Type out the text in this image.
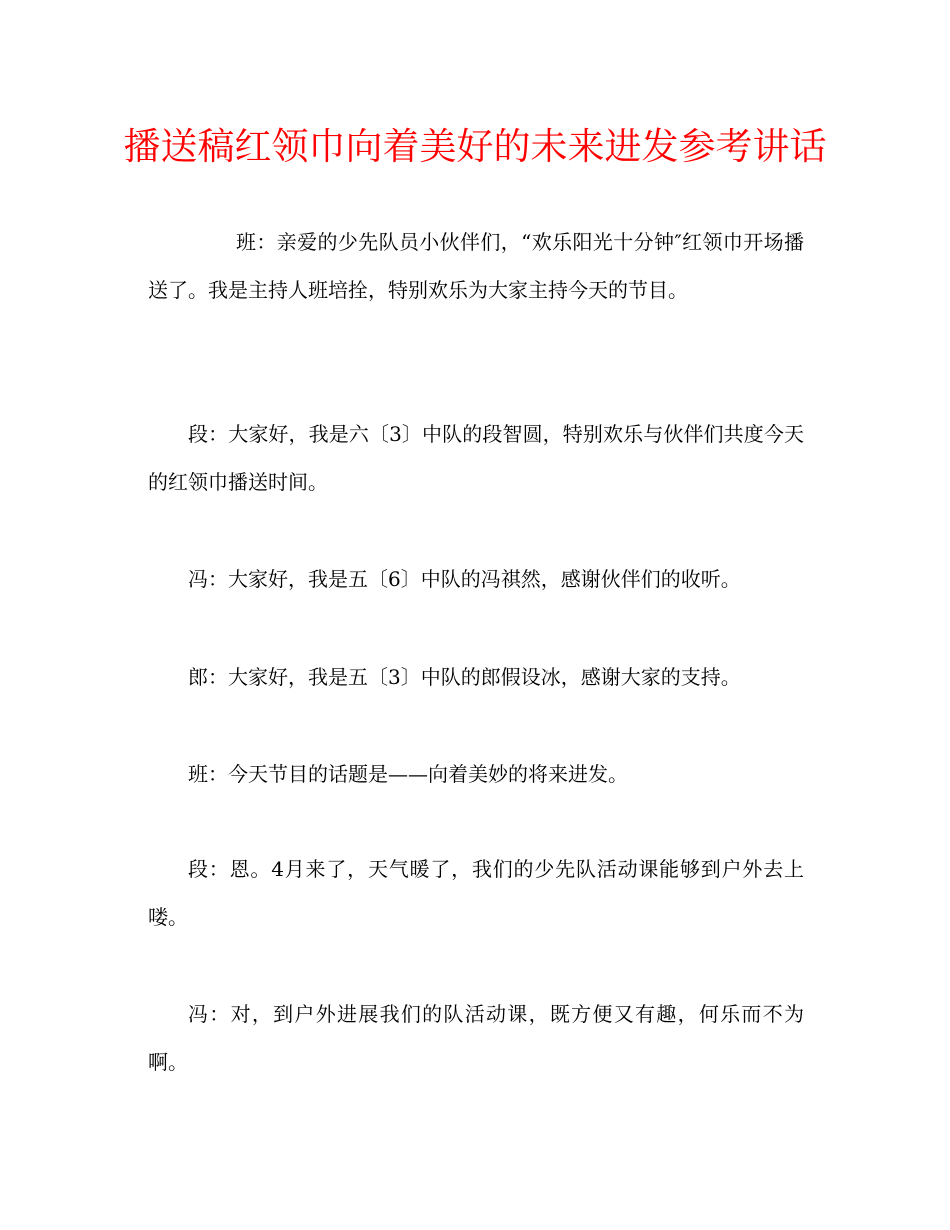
播送稿红领巾向着美好的未来进发参考讲话

班：亲爱的少先队员小伙伴们，“欢乐阳光十分钟″红领巾开场播送了。我是主持人班培拴，特别欢乐为大家主持今天的节目。

段：大家好，我是六〔3〕中队的段智圆，特别欢乐与伙伴们共度今天的红领巾播送时间。

冯：大家好，我是五〔6〕中队的冯祺然，感谢伙伴们的收听。

郎：大家好，我是五〔3〕中队的郎假设冰，感谢大家的支持。

班：今天节目的话题是——向着美妙的将来进发。

段：恩。4月来了，天气暖了，我们的少先队活动课能够到户外去上喽。

冯：对，到户外进展我们的队活动课，既方便又有趣，何乐而不为啊。
